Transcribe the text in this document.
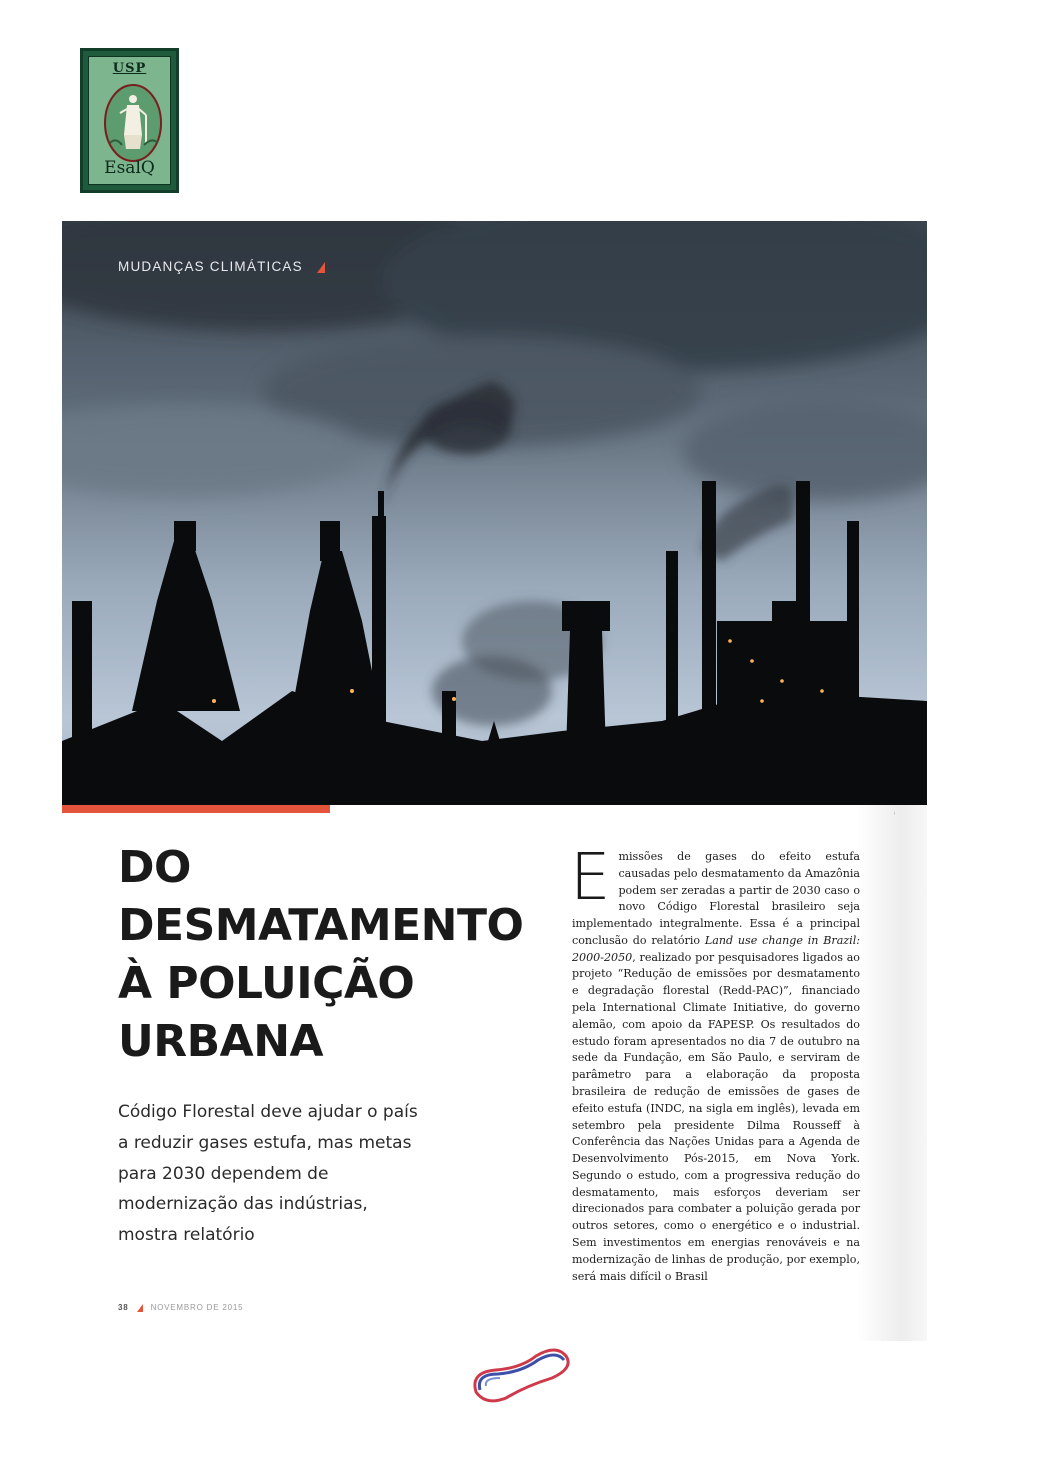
USP
EsalQ
MUDANÇAS CLIMÁTICAS
ⁱ
DO
DESMATAMENTO
À POLUIÇÃO
URBANA

Código Florestal deve ajudar o país a reduzir gases estufa, mas metas para 2030 dependem de modernização das indústrias, mostra relatório

Emissões de gases do efeito estufa causadas pelo desmatamento da Amazônia podem ser zeradas a partir de 2030 caso o novo Código Florestal brasileiro seja implementado integralmente. Essa é a principal conclusão do relatório Land use change in Brazil: 2000-2050, realizado por pesquisadores ligados ao projeto “Redução de emissões por desmatamento e degradação florestal (Redd-PAC)”, financiado pela International Climate Initiative, do governo alemão, com apoio da FAPESP. Os resultados do estudo foram apresentados no dia 7 de outubro na sede da Fundação, em São Paulo, e serviram de parâmetro para a elaboração da proposta brasileira de redução de emissões de gases de efeito estufa (INDC, na sigla em inglês), levada em setembro pela presidente Dilma Rousseff à Conferência das Nações Unidas para a Agenda de Desenvolvimento Pós-2015, em Nova York. Segundo o estudo, com a progressiva redução do desmatamento, mais esforços deveriam ser direcionados para combater a poluição gerada por outros setores, como o energético e o industrial. Sem investimentos em energias renováveis e na modernização de linhas de produção, por exemplo, será mais difícil o Brasil

38	NOVEMBRO DE 2015
